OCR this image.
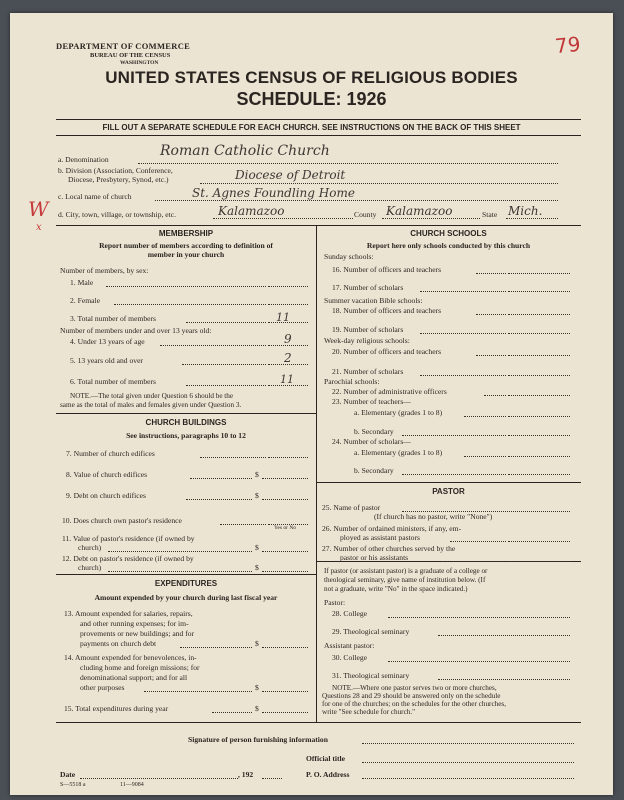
DEPARTMENT OF COMMERCE
BUREAU OF THE CENSUS
WASHINGTON
79
UNITED STATES CENSUS OF RELIGIOUS BODIES
SCHEDULE: 1926
FILL OUT A SEPARATE SCHEDULE FOR EACH CHURCH. SEE INSTRUCTIONS ON THE BACK OF THIS SHEET
a. Denomination
Roman Catholic Church
b. Division (Association, Conference,
Diocese, Presbytery, Synod, etc.)	Diocese of Detroit
c. Local name of church	St. Agnes Foundling Home
d. City, town, village, or township, etc.	Kalamazoo	County Kalamazoo	State Mich.
W
x
MEMBERSHIP
Report number of members according to definition of
member in your church
Number of members, by sex:
1. Male
2. Female
3. Total number of members	11
Number of members under and over 13 years old:
4. Under 13 years of age	9
5. 13 years old and over	2
6. Total number of members	11
NOTE.—The total given under Question 6 should be the
same as the total of males and females given under Question 3.
CHURCH BUILDINGS
See instructions, paragraphs 10 to 12
7. Number of church edifices
8. Value of church edifices	$
9. Debt on church edifices	$
10. Does church own pastor's residence
Yes or No
11. Value of pastor's residence (if owned by
church)	$
12. Debt on pastor's residence (if owned by
church)	$
EXPENDITURES
Amount expended by your church during last fiscal year
13. Amount expended for salaries, repairs,
and other running expenses; for im-
provements or new buildings; and for
payments on church debt	$
14. Amount expended for benevolences, in-
cluding home and foreign missions; for
denominational support; and for all
other purposes	$
15. Total expenditures during year	$
CHURCH SCHOOLS
Report here only schools conducted by this church
Sunday schools:
16. Number of officers and teachers
17. Number of scholars
Summer vacation Bible schools:
18. Number of officers and teachers
19. Number of scholars
Week-day religious schools:
20. Number of officers and teachers
21. Number of scholars
Parochial schools:
22. Number of administrative officers
23. Number of teachers—
a. Elementary (grades 1 to 8)
b. Secondary
24. Number of scholars—
a. Elementary (grades 1 to 8)
b. Secondary
PASTOR
25. Name of pastor
(If church has no pastor, write "None")
26. Number of ordained ministers, if any, em-
ployed as assistant pastors
27. Number of other churches served by the
pastor or his assistants
If pastor (or assistant pastor) is a graduate of a college or
theological seminary, give name of institution below. (If
not a graduate, write "No" in the space indicated.)
Pastor:
28. College
29. Theological seminary
Assistant pastor:
30. College
31. Theological seminary
NOTE.—Where one pastor serves two or more churches,
Questions 28 and 29 should be answered only on the schedule
for one of the churches; on the schedules for the other churches,
write "See schedule for church."
Signature of person furnishing information
Official title
Date	, 192	P. O. Address
S—5518 a	11—9084
